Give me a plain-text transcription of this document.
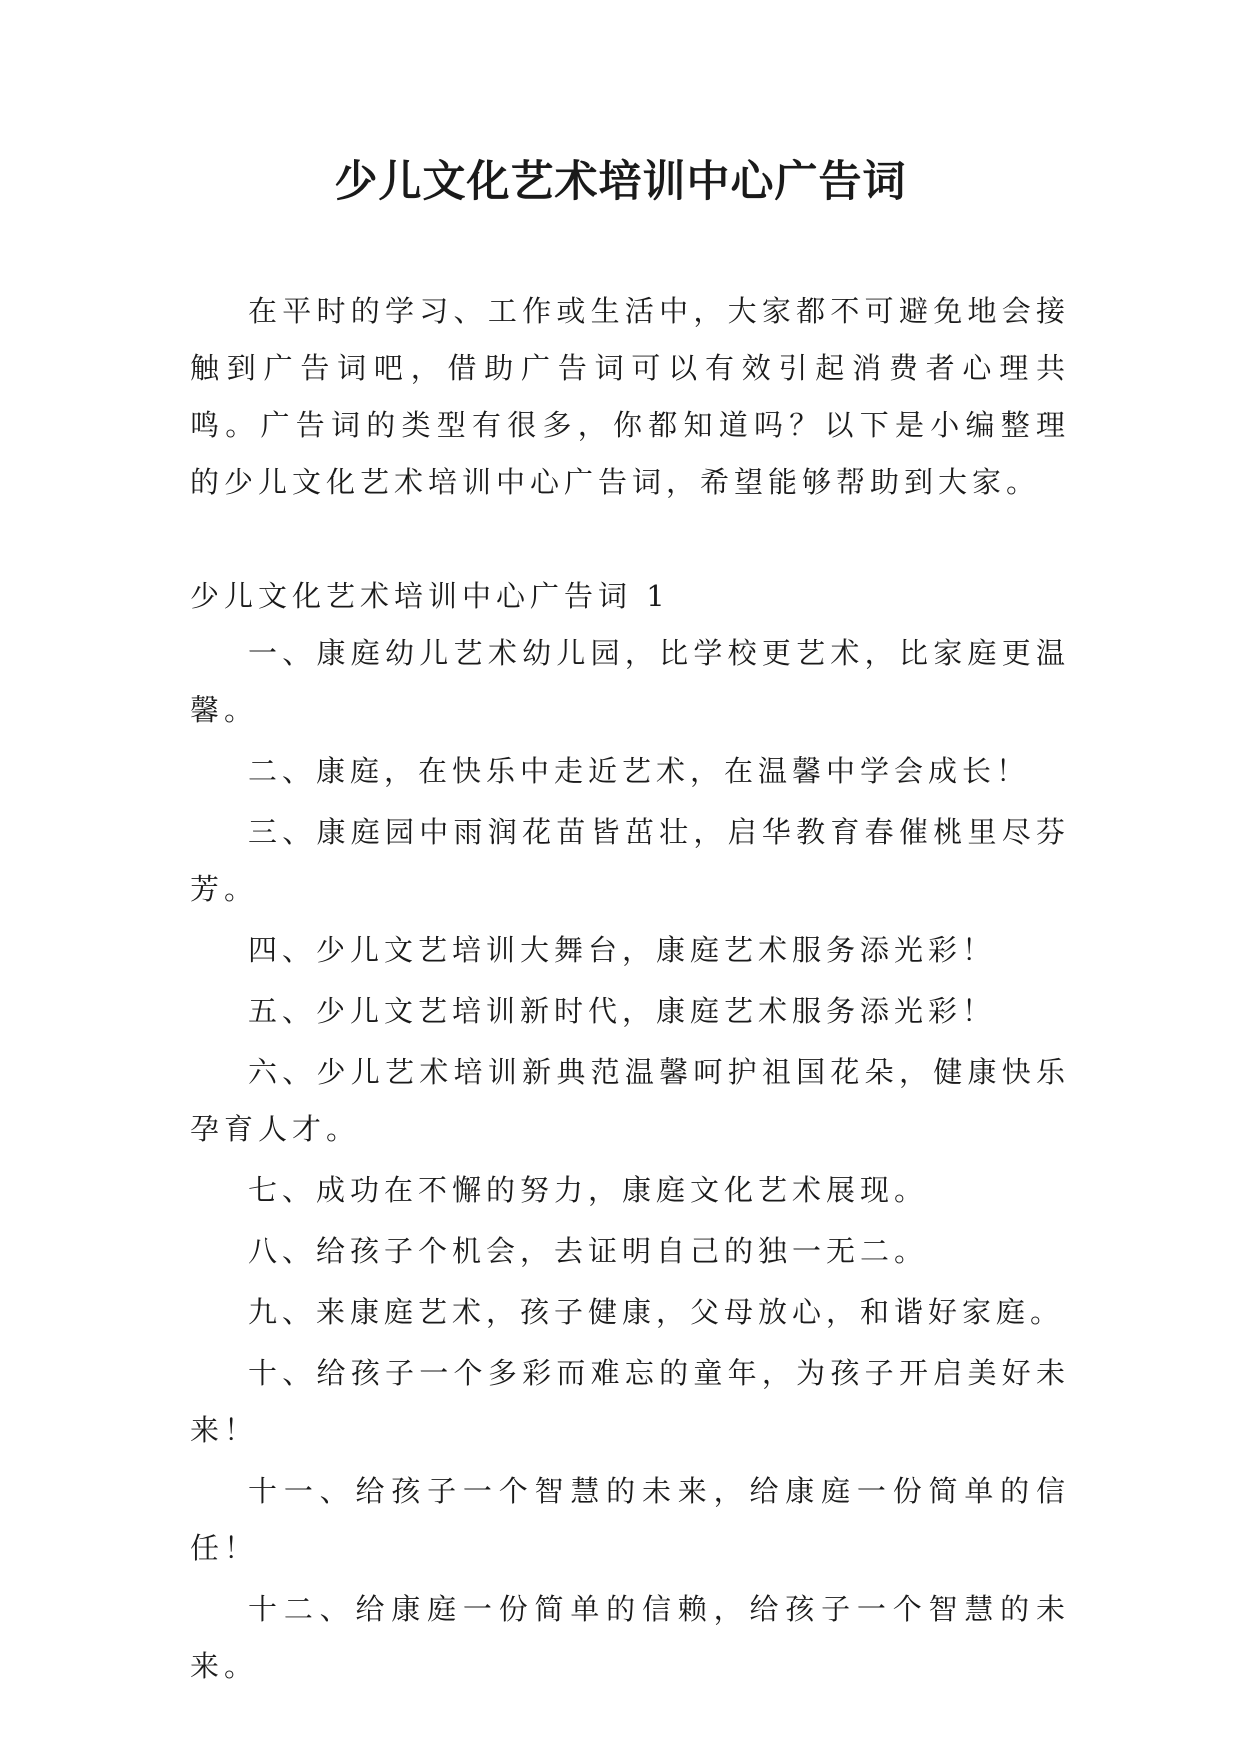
少儿文化艺术培训中心广告词

在平时的学习、工作或生活中，大家都不可避免地会接触到广告词吧，借助广告词可以有效引起消费者心理共鸣。广告词的类型有很多，你都知道吗？以下是小编整理的少儿文化艺术培训中心广告词，希望能够帮助到大家。

少儿文化艺术培训中心广告词 1

一、康庭幼儿艺术幼儿园，比学校更艺术，比家庭更温馨。

二、康庭，在快乐中走近艺术，在温馨中学会成长！

三、康庭园中雨润花苗皆茁壮，启华教育春催桃里尽芬芳。

四、少儿文艺培训大舞台，康庭艺术服务添光彩！

五、少儿文艺培训新时代，康庭艺术服务添光彩！

六、少儿艺术培训新典范温馨呵护祖国花朵，健康快乐孕育人才。

七、成功在不懈的努力，康庭文化艺术展现。

八、给孩子个机会，去证明自己的独一无二。

九、来康庭艺术，孩子健康，父母放心，和谐好家庭。

十、给孩子一个多彩而难忘的童年，为孩子开启美好未来！

十一、给孩子一个智慧的未来，给康庭一份简单的信任！

十二、给康庭一份简单的信赖，给孩子一个智慧的未来。
